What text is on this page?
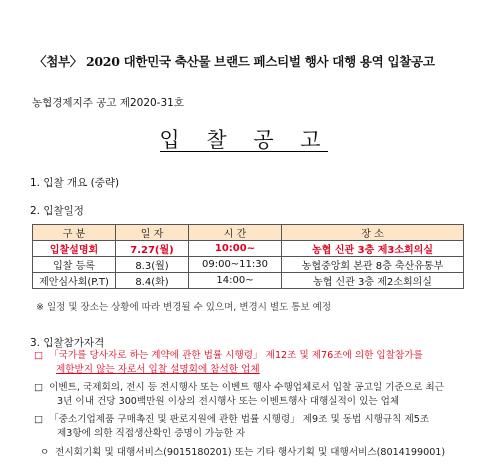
〈첨부〉 2020 대한민국 축산물 브랜드 페스티벌 행사 대행 용역 입찰공고
농협경제지주 공고 제2020-31호
입 찰 공 고
1. 입찰 개요 (중략)
2. 입찰일정
구 분	일 자	시 간	장 소
입찰설명회	7.27(월)	10:00~	농협 신관 3층 제3소회의실
입찰 등록	8.3(월)	09:00~11:30	농협중앙회 본관 8층 축산유통부
제안심사회(P.T)	8.4(화)	14:00~	농협 신관 3층 제2소회의실
※ 일정 및 장소는 상황에 따라 변경될 수 있으며, 변경시 별도 통보 예정
3. 입찰참가자격
□ 「국가를 당사자로 하는 계약에 관한 법률 시행령」 제12조 및 제76조에 의한 입찰참가를
제한받지 않는 자로서 입찰 설명회에 참석한 업체
□ 이벤트, 국제회의, 전시 등 전시행사 또는 이벤트 행사 수행업체로서 입찰 공고일 기준으로 최근
3년 이내 건당 300백만원 이상의 전시행사 또는 이벤트행사 대행실적이 있는 업체
□ 「중소기업제품 구매촉진 및 판로지원에 관한 법률 시행령」 제9조 및 동법 시행규칙 제5조
제3항에 의한 직접생산확인 증명이 가능한 자
ㅇ 전시회기획 및 대행서비스(9015180201) 또는 기타 행사기획 및 대행서비스(8014199001)
